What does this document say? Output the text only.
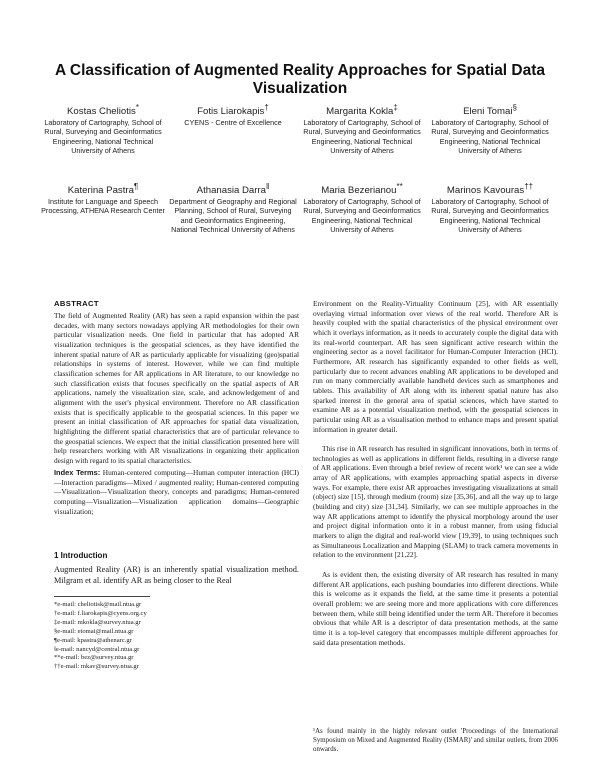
A Classification of Augmented Reality Approaches for Spatial Data Visualization
Kostas Cheliotis*
Laboratory of Cartography, School of Rural, Surveying and Geoinformatics Engineering, National Technical University of Athens
Fotis Liarokapis†
CYENS - Centre of Excellence
Margarita Kokla‡
Laboratory of Cartography, School of Rural, Surveying and Geoinformatics Engineering, National Technical University of Athens
Eleni Tomai§
Laboratory of Cartography, School of Rural, Surveying and Geoinformatics Engineering, National Technical University of Athens
Katerina Pastra¶
Institute for Language and Speech Processing, ATHENA Research Center
Athanasia Darra‖
Department of Geography and Regional Planning, School of Rural, Surveying and Geoinformatics Engineering, National Technical University of Athens
Maria Bezerianou**
Laboratory of Cartography, School of Rural, Surveying and Geoinformatics Engineering, National Technical University of Athens
Marinos Kavouras††
Laboratory of Cartography, School of Rural, Surveying and Geoinformatics Engineering, National Technical University of Athens
ABSTRACT

The field of Augmented Reality (AR) has seen a rapid expansion within the past decades, with many sectors nowadays applying AR methodologies for their own particular visualization needs. One field in particular that has adopted AR visualization techniques is the geospatial sciences, as they have identified the inherent spatial nature of AR as particularly applicable for visualizing (geo)spatial relationships in systems of interest. However, while we can find multiple classification schemes for AR applications in AR literature, to our knowledge no such classification exists that focuses specifically on the spatial aspects of AR applications, namely the visualization size, scale, and acknowledgement of and alignment with the user's physical environment. Therefore no AR classification exists that is specifically applicable to the geospatial sciences. In this paper we present an initial classification of AR approaches for spatial data visualization, highlighting the different spatial characteristics that are of particular relevance to the geospatial sciences. We expect that the initial classification presented here will help researchers working with AR visualizations in organizing their application design with regard to its spatial characteristics.

Index Terms: Human-centered computing—Human computer interaction (HCI)—Interaction paradigms—Mixed / augmented reality; Human-centered computing—Visualization—Visualization theory, concepts and paradigms; Human-centered computing—Visualization—Visualization application domains—Geographic visualization;

1 Introduction

Augmented Reality (AR) is an inherently spatial visualization method. Milgram et al. identify AR as being closer to the Real

*e-mail: cheliotisk@mail.ntua.gr
†e-mail: f.liarokapis@cyens.org.cy
‡e-mail: mkokla@survey.ntua.gr
§e-mail: etomai@mail.ntua.gr
¶e-mail: kpastra@athenarc.gr
‖e-mail: nancyd@central.ntua.gr
**e-mail: bez@survey.ntua.gr
††e-mail: mkav@survey.ntua.gr

Environment on the Reality-Virtuality Continuum [25], with AR essentially overlaying virtual information over views of the real world. Therefore AR is heavily coupled with the spatial characteristics of the physical environment over which it overlays information, as it needs to accurately couple the digital data with its real-world counterpart. AR has seen significant active research within the engineering sector as a novel facilitator for Human-Computer Interaction (HCI). Furthermore, AR research has significantly expanded to other fields as well, particularly due to recent advances enabling AR applications to be developed and run on many commercially available handheld devices such as smartphones and tablets. This availability of AR along with its inherent spatial nature has also sparked interest in the general area of spatial sciences, which have started to examine AR as a potential visualization method, with the geospatial sciences in particular using AR as a visualisation method to enhance maps and present spatial information in greater detail.

This rise in AR research has resulted in significant innovations, both in terms of technologies as well as applications in different fields, resulting in a diverse range of AR applications. Even through a brief review of recent work¹ we can see a wide array of AR applications, with examples approaching spatial aspects in diverse ways. For example, there exist AR approaches investigating visualizations at small (object) size [15], through medium (room) size [35,36], and all the way up to large (building and city) size [31,34]. Similarly, we can see multiple approaches in the way AR applications attempt to identify the physical morphology around the user and project digital information onto it in a robust manner, from using fiducial markers to align the digital and real-world view [19,39], to using techniques such as Simultaneous Localization and Mapping (SLAM) to track camera movements in relation to the environment [21,22].

As is evident then, the existing diversity of AR research has resulted in many different AR applications, each pushing boundaries into different directions. While this is welcome as it expands the field, at the same time it presents a potential overall problem: we are seeing more and more applications with core differences between them, while still being identified under the term AR. Therefore it becomes obvious that while AR is a descriptor of data presentation methods, at the same time it is a top-level category that encompasses multiple different approaches for said data presentation methods.

¹As found mainly in the highly relevant outlet 'Proceedings of the International Symposium on Mixed and Augmented Reality (ISMAR)' and similar outlets, from 2006 onwards.
